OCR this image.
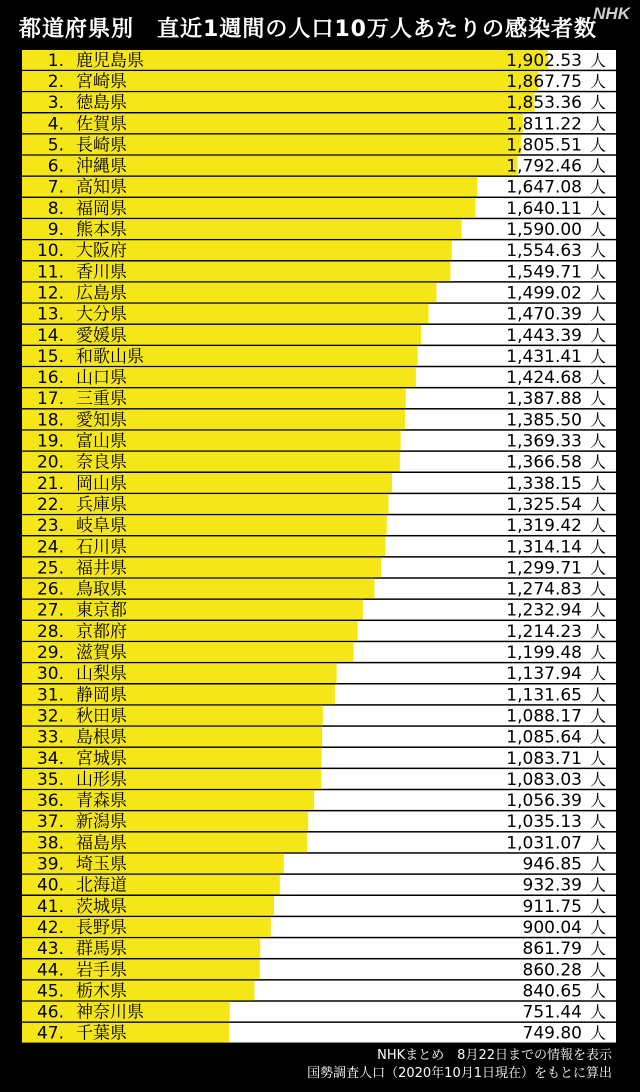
都道府県別　直近1週間の人口10万人あたりの感染者数
NHK
1. 鹿児島県	1,902.53 人
2. 宮崎県	1,867.75 人
3. 徳島県	1,853.36 人
4. 佐賀県	1,811.22 人
5. 長崎県	1,805.51 人
6. 沖縄県	1,792.46 人
7. 高知県	1,647.08 人
8. 福岡県	1,640.11 人
9. 熊本県	1,590.00 人
10. 大阪府	1,554.63 人
11. 香川県	1,549.71 人
12. 広島県	1,499.02 人
13. 大分県	1,470.39 人
14. 愛媛県	1,443.39 人
15. 和歌山県	1,431.41 人
16. 山口県	1,424.68 人
17. 三重県	1,387.88 人
18. 愛知県	1,385.50 人
19. 富山県	1,369.33 人
20. 奈良県	1,366.58 人
21. 岡山県	1,338.15 人
22. 兵庫県	1,325.54 人
23. 岐阜県	1,319.42 人
24. 石川県	1,314.14 人
25. 福井県	1,299.71 人
26. 鳥取県	1,274.83 人
27. 東京都	1,232.94 人
28. 京都府	1,214.23 人
29. 滋賀県	1,199.48 人
30. 山梨県	1,137.94 人
31. 静岡県	1,131.65 人
32. 秋田県	1,088.17 人
33. 島根県	1,085.64 人
34. 宮城県	1,083.71 人
35. 山形県	1,083.03 人
36. 青森県	1,056.39 人
37. 新潟県	1,035.13 人
38. 福島県	1,031.07 人
39. 埼玉県	946.85 人
40. 北海道	932.39 人
41. 茨城県	911.75 人
42. 長野県	900.04 人
43. 群馬県	861.79 人
44. 岩手県	860.28 人
45. 栃木県	840.65 人
46. 神奈川県	751.44 人
47. 千葉県	749.80 人
NHKまとめ　8月22日までの情報を表示
国勢調査人口（2020年10月1日現在）をもとに算出
